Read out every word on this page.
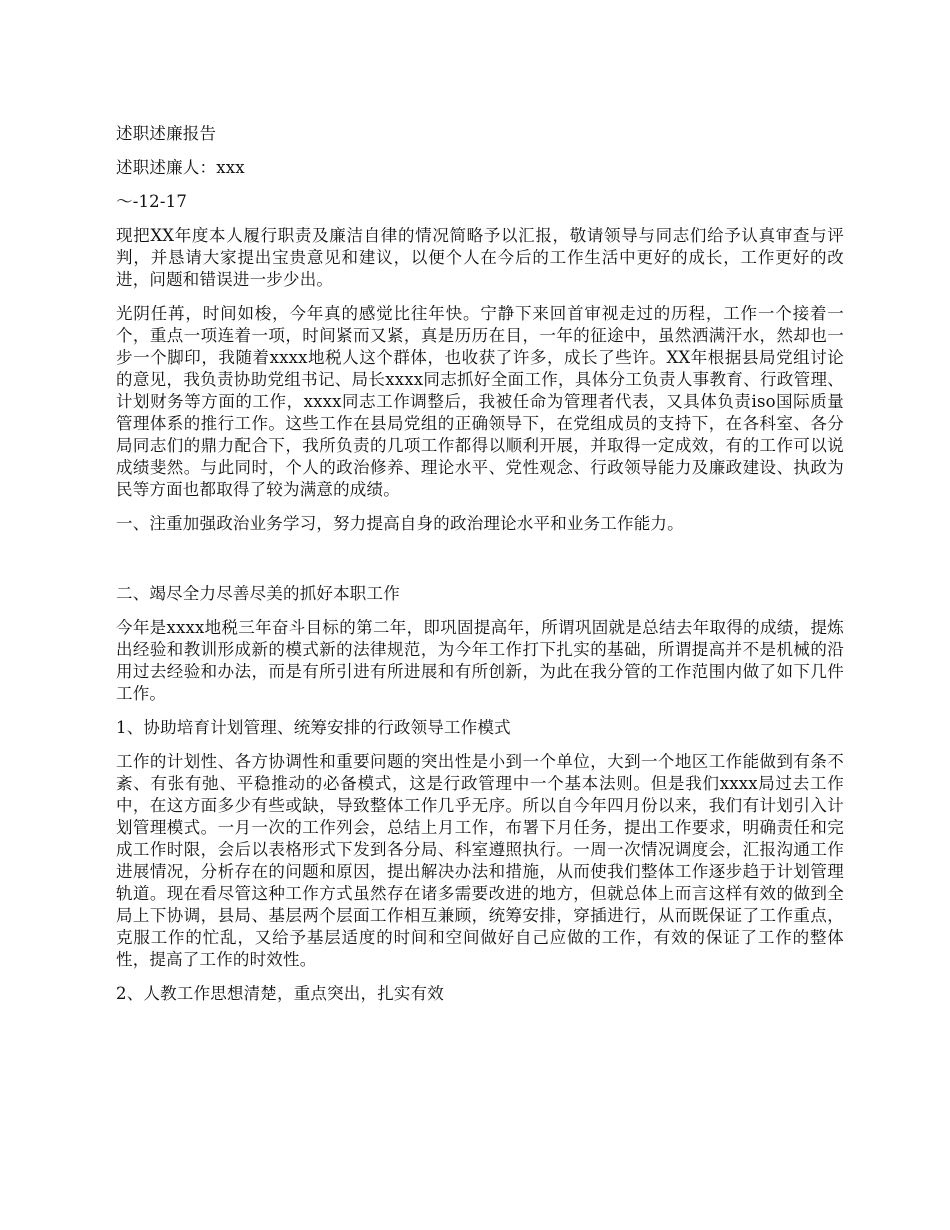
述职述廉报告

述职述廉人：xxx

～-12-17

现把XX年度本人履行职责及廉洁自律的情况简略予以汇报，敬请领导与同志们给予认真审查与评判，并恳请大家提出宝贵意见和建议，以便个人在今后的工作生活中更好的成长，工作更好的改进，问题和错误进一步少出。

光阴任苒，时间如梭，今年真的感觉比往年快。宁静下来回首审视走过的历程，工作一个接着一个，重点一项连着一项，时间紧而又紧，真是历历在目，一年的征途中，虽然洒满汗水，然却也一步一个脚印，我随着xxxx地税人这个群体，也收获了许多，成长了些许。XX年根据县局党组讨论的意见，我负责协助党组书记、局长xxxx同志抓好全面工作，具体分工负责人事教育、行政管理、计划财务等方面的工作，xxxx同志工作调整后，我被任命为管理者代表，又具体负责iso国际质量管理体系的推行工作。这些工作在县局党组的正确领导下，在党组成员的支持下，在各科室、各分局同志们的鼎力配合下，我所负责的几项工作都得以顺利开展，并取得一定成效，有的工作可以说成绩斐然。与此同时，个人的政治修养、理论水平、党性观念、行政领导能力及廉政建设、执政为民等方面也都取得了较为满意的成绩。

一、注重加强政治业务学习，努力提高自身的政治理论水平和业务工作能力。

二、竭尽全力尽善尽美的抓好本职工作

今年是xxxx地税三年奋斗目标的第二年，即巩固提高年，所谓巩固就是总结去年取得的成绩，提炼出经验和教训形成新的模式新的法律规范，为今年工作打下扎实的基础，所谓提高并不是机械的沿用过去经验和办法，而是有所引进有所进展和有所创新，为此在我分管的工作范围内做了如下几件工作。

1、协助培育计划管理、统筹安排的行政领导工作模式

工作的计划性、各方协调性和重要问题的突出性是小到一个单位，大到一个地区工作能做到有条不紊、有张有弛、平稳推动的必备模式，这是行政管理中一个基本法则。但是我们xxxx局过去工作中，在这方面多少有些或缺，导致整体工作几乎无序。所以自今年四月份以来，我们有计划引入计划管理模式。一月一次的工作列会，总结上月工作，布署下月任务，提出工作要求，明确责任和完成工作时限，会后以表格形式下发到各分局、科室遵照执行。一周一次情况调度会，汇报沟通工作进展情况，分析存在的问题和原因，提出解决办法和措施，从而使我们整体工作逐步趋于计划管理轨道。现在看尽管这种工作方式虽然存在诸多需要改进的地方，但就总体上而言这样有效的做到全局上下协调，县局、基层两个层面工作相互兼顾，统筹安排，穿插进行，从而既保证了工作重点，克服工作的忙乱，又给予基层适度的时间和空间做好自己应做的工作，有效的保证了工作的整体性，提高了工作的时效性。

2、人教工作思想清楚，重点突出，扎实有效
